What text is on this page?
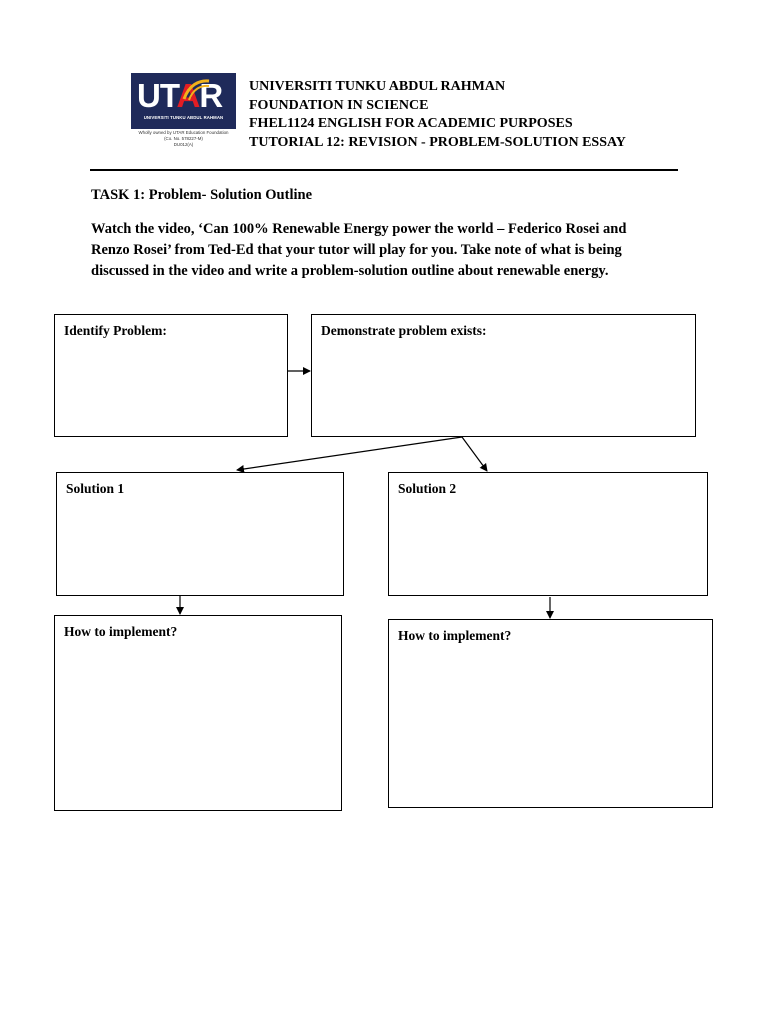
UTAR
UNIVERSITI TUNKU ABDUL RAHMAN
Wholly owned by UTAR Education Foundation
(Co. No. 578227-M)
DU012(A)
UNIVERSITI TUNKU ABDUL RAHMAN
FOUNDATION IN SCIENCE
FHEL1124 ENGLISH FOR ACADEMIC PURPOSES
TUTORIAL 12: REVISION - PROBLEM-SOLUTION ESSAY
TASK 1: Problem- Solution Outline
Watch the video, ‘Can 100% Renewable Energy power the world – Federico Rosei and Renzo Rosei’ from Ted-Ed that your tutor will play for you. Take note of what is being discussed in the video and write a problem-solution outline about renewable energy.
Identify Problem:	Demonstrate problem exists:
Solution 1	Solution 2
How to implement?	How to implement?
